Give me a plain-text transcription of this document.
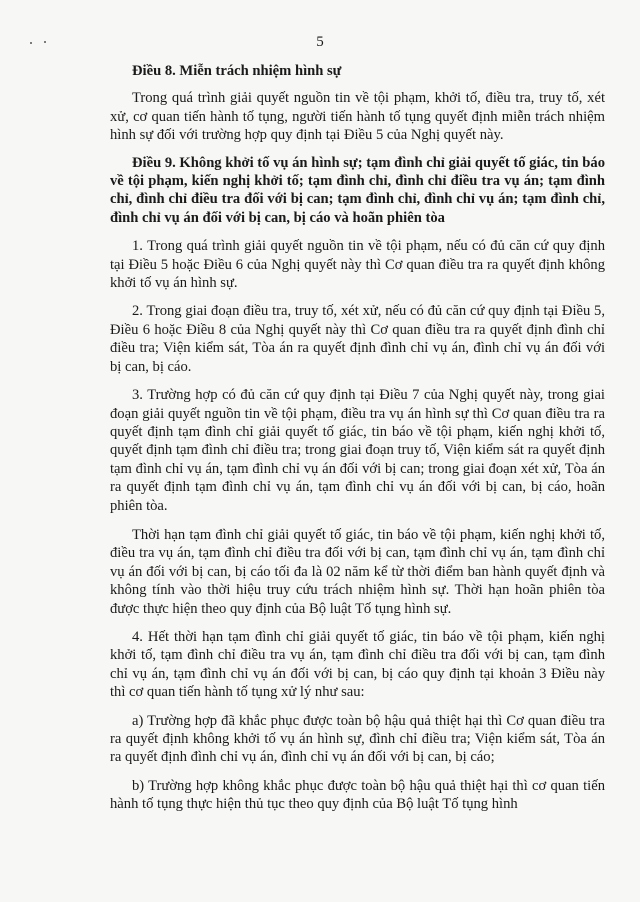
5

Điều 8. Miễn trách nhiệm hình sự

Trong quá trình giải quyết nguồn tin về tội phạm, khởi tố, điều tra, truy tố, xét xử, cơ quan tiến hành tố tụng, người tiến hành tố tụng quyết định miễn trách nhiệm hình sự đối với trường hợp quy định tại Điều 5 của Nghị quyết này.

Điều 9. Không khởi tố vụ án hình sự; tạm đình chỉ giải quyết tố giác, tin báo về tội phạm, kiến nghị khởi tố; tạm đình chỉ, đình chỉ điều tra vụ án; tạm đình chỉ, đình chỉ điều tra đối với bị can; tạm đình chỉ, đình chỉ vụ án; tạm đình chỉ, đình chỉ vụ án đối với bị can, bị cáo và hoãn phiên tòa

1. Trong quá trình giải quyết nguồn tin về tội phạm, nếu có đủ căn cứ quy định tại Điều 5 hoặc Điều 6 của Nghị quyết này thì Cơ quan điều tra ra quyết định không khởi tố vụ án hình sự.

2. Trong giai đoạn điều tra, truy tố, xét xử, nếu có đủ căn cứ quy định tại Điều 5, Điều 6 hoặc Điều 8 của Nghị quyết này thì Cơ quan điều tra ra quyết định đình chỉ điều tra; Viện kiểm sát, Tòa án ra quyết định đình chỉ vụ án, đình chỉ vụ án đối với bị can, bị cáo.

3. Trường hợp có đủ căn cứ quy định tại Điều 7 của Nghị quyết này, trong giai đoạn giải quyết nguồn tin về tội phạm, điều tra vụ án hình sự thì Cơ quan điều tra ra quyết định tạm đình chỉ giải quyết tố giác, tin báo về tội phạm, kiến nghị khởi tố, quyết định tạm đình chỉ điều tra; trong giai đoạn truy tố, Viện kiểm sát ra quyết định tạm đình chỉ vụ án, tạm đình chỉ vụ án đối với bị can; trong giai đoạn xét xử, Tòa án ra quyết định tạm đình chỉ vụ án, tạm đình chỉ vụ án đối với bị can, bị cáo, hoãn phiên tòa.

Thời hạn tạm đình chỉ giải quyết tố giác, tin báo về tội phạm, kiến nghị khởi tố, điều tra vụ án, tạm đình chỉ điều tra đối với bị can, tạm đình chỉ vụ án, tạm đình chỉ vụ án đối với bị can, bị cáo tối đa là 02 năm kể từ thời điểm ban hành quyết định và không tính vào thời hiệu truy cứu trách nhiệm hình sự. Thời hạn hoãn phiên tòa được thực hiện theo quy định của Bộ luật Tố tụng hình sự.

4. Hết thời hạn tạm đình chỉ giải quyết tố giác, tin báo về tội phạm, kiến nghị khởi tố, tạm đình chỉ điều tra vụ án, tạm đình chỉ điều tra đối với bị can, tạm đình chỉ vụ án, tạm đình chỉ vụ án đối với bị can, bị cáo quy định tại khoản 3 Điều này thì cơ quan tiến hành tố tụng xử lý như sau:

a) Trường hợp đã khắc phục được toàn bộ hậu quả thiệt hại thì Cơ quan điều tra ra quyết định không khởi tố vụ án hình sự, đình chỉ điều tra; Viện kiểm sát, Tòa án ra quyết định đình chỉ vụ án, đình chỉ vụ án đối với bị can, bị cáo;

b) Trường hợp không khắc phục được toàn bộ hậu quả thiệt hại thì cơ quan tiến hành tố tụng thực hiện thủ tục theo quy định của Bộ luật Tố tụng hình
